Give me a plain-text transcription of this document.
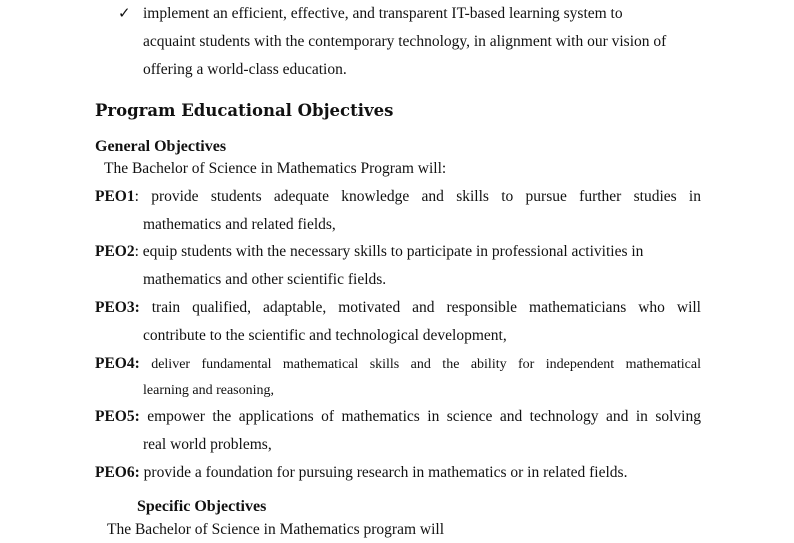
✓ implement an efficient, effective, and transparent IT-based learning system to
acquaint students with the contemporary technology, in alignment with our vision of
offering a world-class education.
Program Educational Objectives
General Objectives
The Bachelor of Science in Mathematics Program will:
PEO1: provide students adequate knowledge and skills to pursue further studies in
mathematics and related fields,
PEO2: equip students with the necessary skills to participate in professional activities in
mathematics and other scientific fields.
PEO3: train qualified, adaptable, motivated and responsible mathematicians who will
contribute to the scientific and technological development,
PEO4: deliver fundamental mathematical skills and the ability for independent mathematical
learning and reasoning,
PEO5: empower the applications of mathematics in science and technology and in solving
real world problems,
PEO6: provide a foundation for pursuing research in mathematics or in related fields.
Specific Objectives
The Bachelor of Science in Mathematics program will
